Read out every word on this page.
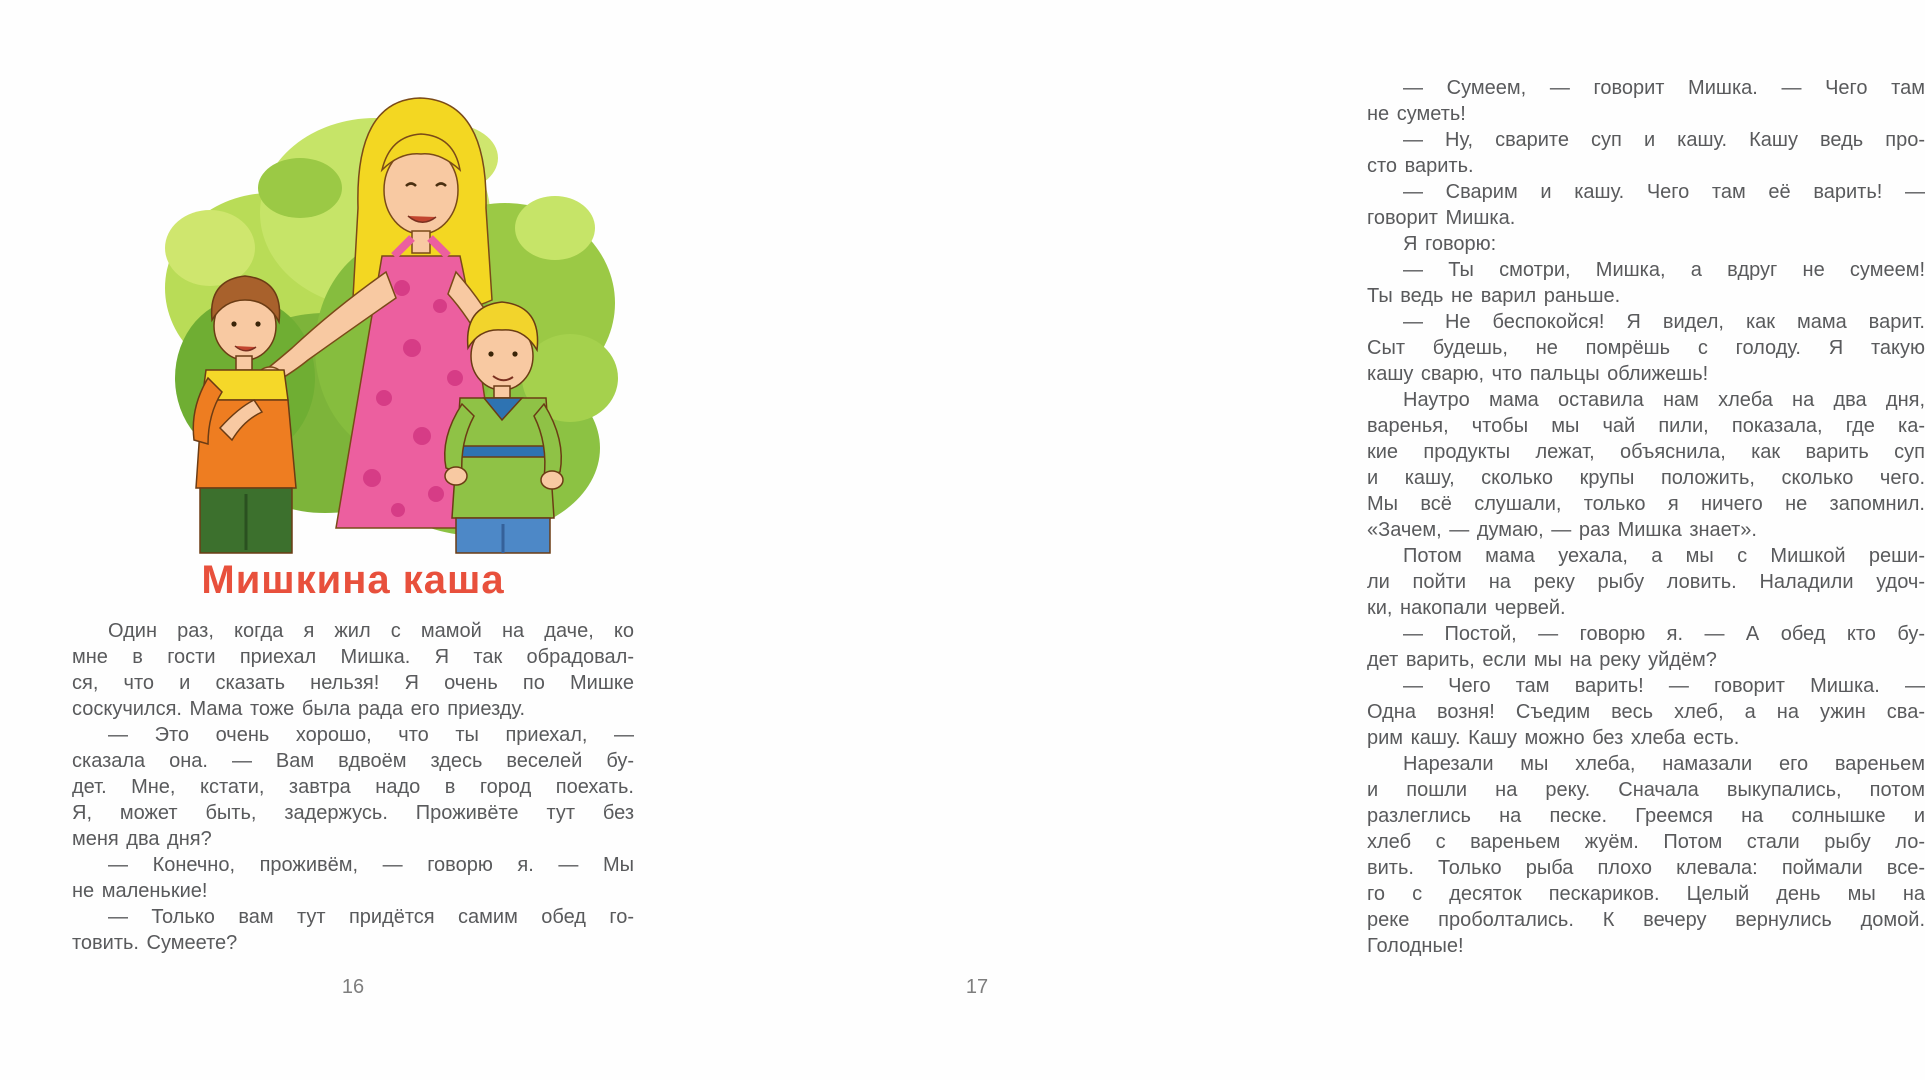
Мишкина каша
Один раз, когда я жил с мамой на даче, ко
мне в гости приехал Мишка. Я так обрадовал-
ся, что и сказать нельзя! Я очень по Мишке
соскучился. Мама тоже была рада его приезду.
— Это очень хорошо, что ты приехал, —
сказала она. — Вам вдвоём здесь веселей бу-
дет. Мне, кстати, завтра надо в город поехать.
Я, может быть, задержусь. Проживёте тут без
меня два дня?
— Конечно, проживём, — говорю я. — Мы
не маленькие!
— Только вам тут придётся самим обед го-
товить. Сумеете?
16
— Сумеем, — говорит Мишка. — Чего там
не суметь!
— Ну, сварите суп и кашу. Кашу ведь про-
сто варить.
— Сварим и кашу. Чего там её варить! —
говорит Мишка.
Я говорю:
— Ты смотри, Мишка, а вдруг не сумеем!
Ты ведь не варил раньше.
— Не беспокойся! Я видел, как мама варит.
Сыт будешь, не помрёшь с голоду. Я такую
кашу сварю, что пальцы оближешь!
Наутро мама оставила нам хлеба на два дня,
варенья, чтобы мы чай пили, показала, где ка-
кие продукты лежат, объяснила, как варить суп
и кашу, сколько крупы положить, сколько чего.
Мы всё слушали, только я ничего не запомнил.
«Зачем, — думаю, — раз Мишка знает».
Потом мама уехала, а мы с Мишкой реши-
ли пойти на реку рыбу ловить. Наладили удоч-
ки, накопали червей.
— Постой, — говорю я. — А обед кто бу-
дет варить, если мы на реку уйдём?
— Чего там варить! — говорит Мишка. —
Одна возня! Съедим весь хлеб, а на ужин сва-
рим кашу. Кашу можно без хлеба есть.
Нарезали мы хлеба, намазали его вареньем
и пошли на реку. Сначала выкупались, потом
разлеглись на песке. Греемся на солнышке и
хлеб с вареньем жуём. Потом стали рыбу ло-
вить. Только рыба плохо клевала: поймали все-
го с десяток пескариков. Целый день мы на
реке проболтались. К вечеру вернулись домой.
Голодные!
17
